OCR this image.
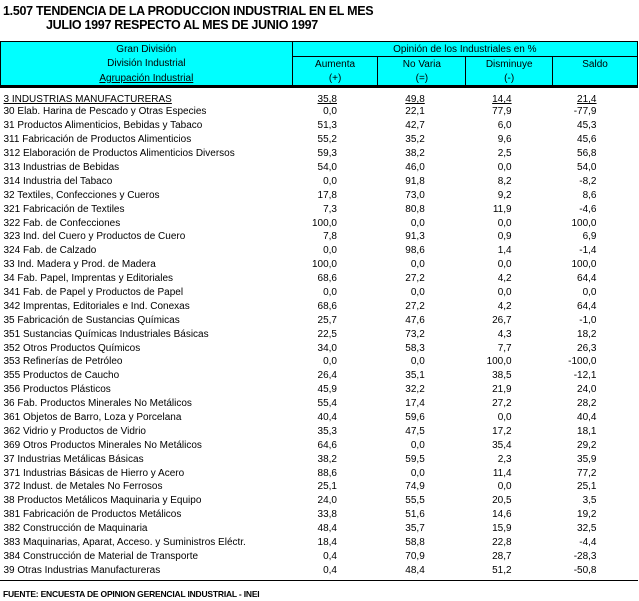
1.507 TENDENCIA DE LA PRODUCCION INDUSTRIAL EN EL MES
JULIO 1997 RESPECTO AL MES DE JUNIO 1997
Gran División	Opinión de los Industriales en %			
División Industrial	Aumenta	No Varia	Disminuye	Saldo
Agrupación Industrial	(+)	(=)	(-)	
3 INDUSTRIAS MANUFACTURERAS	35,8	49,8	14,4	21,4
30 Elab. Harina de Pescado y Otras Especies	0,0	22,1	77,9	-77,9
31 Productos Alimenticios, Bebidas y Tabaco	51,3	42,7	6,0	45,3
311 Fabricación de Productos Alimenticios	55,2	35,2	9,6	45,6
312 Elaboración de Productos Alimenticios Diversos	59,3	38,2	2,5	56,8
313 Industrias de Bebidas	54,0	46,0	0,0	54,0
314 Industria del Tabaco	0,0	91,8	8,2	-8,2
32 Textiles, Confecciones y Cueros	17,8	73,0	9,2	8,6
321 Fabricación de Textiles	7,3	80,8	11,9	-4,6
322 Fab. de Confecciones	100,0	0,0	0,0	100,0
323 Ind. del Cuero y Productos de Cuero	7,8	91,3	0,9	6,9
324 Fab. de Calzado	0,0	98,6	1,4	-1,4
33 Ind. Madera y Prod. de Madera	100,0	0,0	0,0	100,0
34 Fab. Papel, Imprentas y Editoriales	68,6	27,2	4,2	64,4
341 Fab. de Papel y Productos de Papel	0,0	0,0	0,0	0,0
342 Imprentas, Editoriales e Ind. Conexas	68,6	27,2	4,2	64,4
35 Fabricación de Sustancias Químicas	25,7	47,6	26,7	-1,0
351 Sustancias Químicas Industriales Básicas	22,5	73,2	4,3	18,2
352 Otros Productos Químicos	34,0	58,3	7,7	26,3
353 Refinerías de Petróleo	0,0	0,0	100,0	-100,0
355 Productos de Caucho	26,4	35,1	38,5	-12,1
356 Productos Plásticos	45,9	32,2	21,9	24,0
36 Fab. Productos Minerales No Metálicos	55,4	17,4	27,2	28,2
361 Objetos de Barro, Loza y Porcelana	40,4	59,6	0,0	40,4
362 Vidrio y Productos de Vidrio	35,3	47,5	17,2	18,1
369 Otros Productos Minerales No Metálicos	64,6	0,0	35,4	29,2
37 Industrias Metálicas Básicas	38,2	59,5	2,3	35,9
371 Industrias Básicas de Hierro y Acero	88,6	0,0	11,4	77,2
372 Indust. de Metales No Ferrosos	25,1	74,9	0,0	25,1
38 Productos Metálicos Maquinaria y Equipo	24,0	55,5	20,5	3,5
381 Fabricación de Productos Metálicos	33,8	51,6	14,6	19,2
382 Construcción de Maquinaria	48,4	35,7	15,9	32,5
383 Maquinarias, Aparat, Acceso. y Suministros Eléctr.	18,4	58,8	22,8	-4,4
384 Construcción de Material de Transporte	0,4	70,9	28,7	-28,3
39 Otras Industrias Manufactureras	0,4	48,4	51,2	-50,8
FUENTE: ENCUESTA DE OPINION GERENCIAL INDUSTRIAL - INEI
